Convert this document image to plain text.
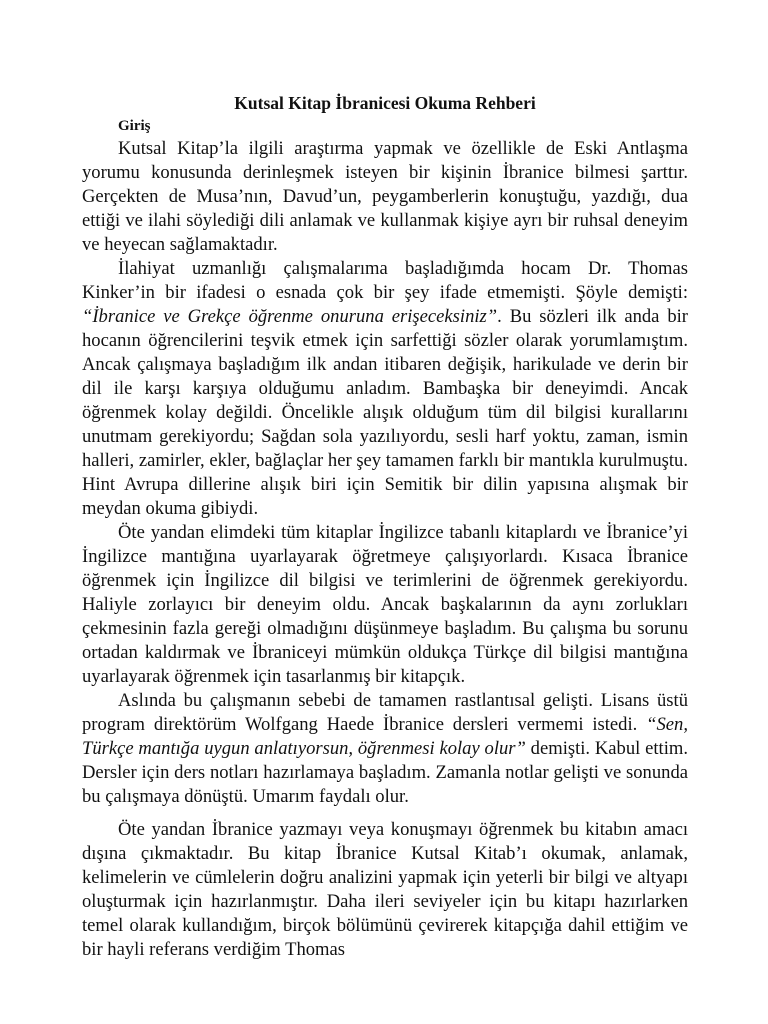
Kutsal Kitap İbranicesi Okuma Rehberi
Giriş

Kutsal Kitap’la ilgili araştırma yapmak ve özellikle de Eski Antlaşma yorumu konusunda derinleşmek isteyen bir kişinin İbranice bilmesi şarttır. Gerçekten de Musa’nın, Davud’un, peygamberlerin konuştuğu, yazdığı, dua ettiği ve ilahi söylediği dili anlamak ve kullanmak kişiye ayrı bir ruhsal deneyim ve heyecan sağlamaktadır.

İlahiyat uzmanlığı çalışmalarıma başladığımda hocam Dr. Thomas Kinker’in bir ifadesi o esnada çok bir şey ifade etmemişti. Şöyle demişti: “İbranice ve Grekçe öğrenme onuruna erişeceksiniz”. Bu sözleri ilk anda bir hocanın öğrencilerini teşvik etmek için sarfettiği sözler olarak yorumlamıştım. Ancak çalışmaya başladığım ilk andan itibaren değişik, harikulade ve derin bir dil ile karşı karşıya olduğumu anladım. Bambaşka bir deneyimdi. Ancak öğrenmek kolay değildi. Öncelikle alışık olduğum tüm dil bilgisi kurallarını unutmam gerekiyordu; Sağdan sola yazılıyordu, sesli harf yoktu, zaman, ismin halleri, zamirler, ekler, bağlaçlar her şey tamamen farklı bir mantıkla kurulmuştu. Hint Avrupa dillerine alışık biri için Semitik bir dilin yapısına alışmak bir meydan okuma gibiydi.

Öte yandan elimdeki tüm kitaplar İngilizce tabanlı kitaplardı ve İbranice’yi İngilizce mantığına uyarlayarak öğretmeye çalışıyorlardı. Kısaca İbranice öğrenmek için İngilizce dil bilgisi ve terimlerini de öğrenmek gerekiyordu. Haliyle zorlayıcı bir deneyim oldu. Ancak başkalarının da aynı zorlukları çekmesinin fazla gereği olmadığını düşünmeye başladım. Bu çalışma bu sorunu ortadan kaldırmak ve İbraniceyi mümkün oldukça Türkçe dil bilgisi mantığına uyarlayarak öğrenmek için tasarlanmış bir kitapçık.

Aslında bu çalışmanın sebebi de tamamen rastlantısal gelişti. Lisans üstü program direktörüm Wolfgang Haede İbranice dersleri vermemi istedi. “Sen, Türkçe mantığa uygun anlatıyorsun, öğrenmesi kolay olur” demişti. Kabul ettim. Dersler için ders notları hazırlamaya başladım. Zamanla notlar gelişti ve sonunda bu çalışmaya dönüştü. Umarım faydalı olur.

Öte yandan İbranice yazmayı veya konuşmayı öğrenmek bu kitabın amacı dışına çıkmaktadır. Bu kitap İbranice Kutsal Kitab’ı okumak, anlamak, kelimelerin ve cümlelerin doğru analizini yapmak için yeterli bir bilgi ve altyapı oluşturmak için hazırlanmıştır. Daha ileri seviyeler için bu kitapı hazırlarken temel olarak kullandığım, birçok bölümünü çevirerek kitapçığa dahil ettiğim ve bir hayli referans verdiğim Thomas
